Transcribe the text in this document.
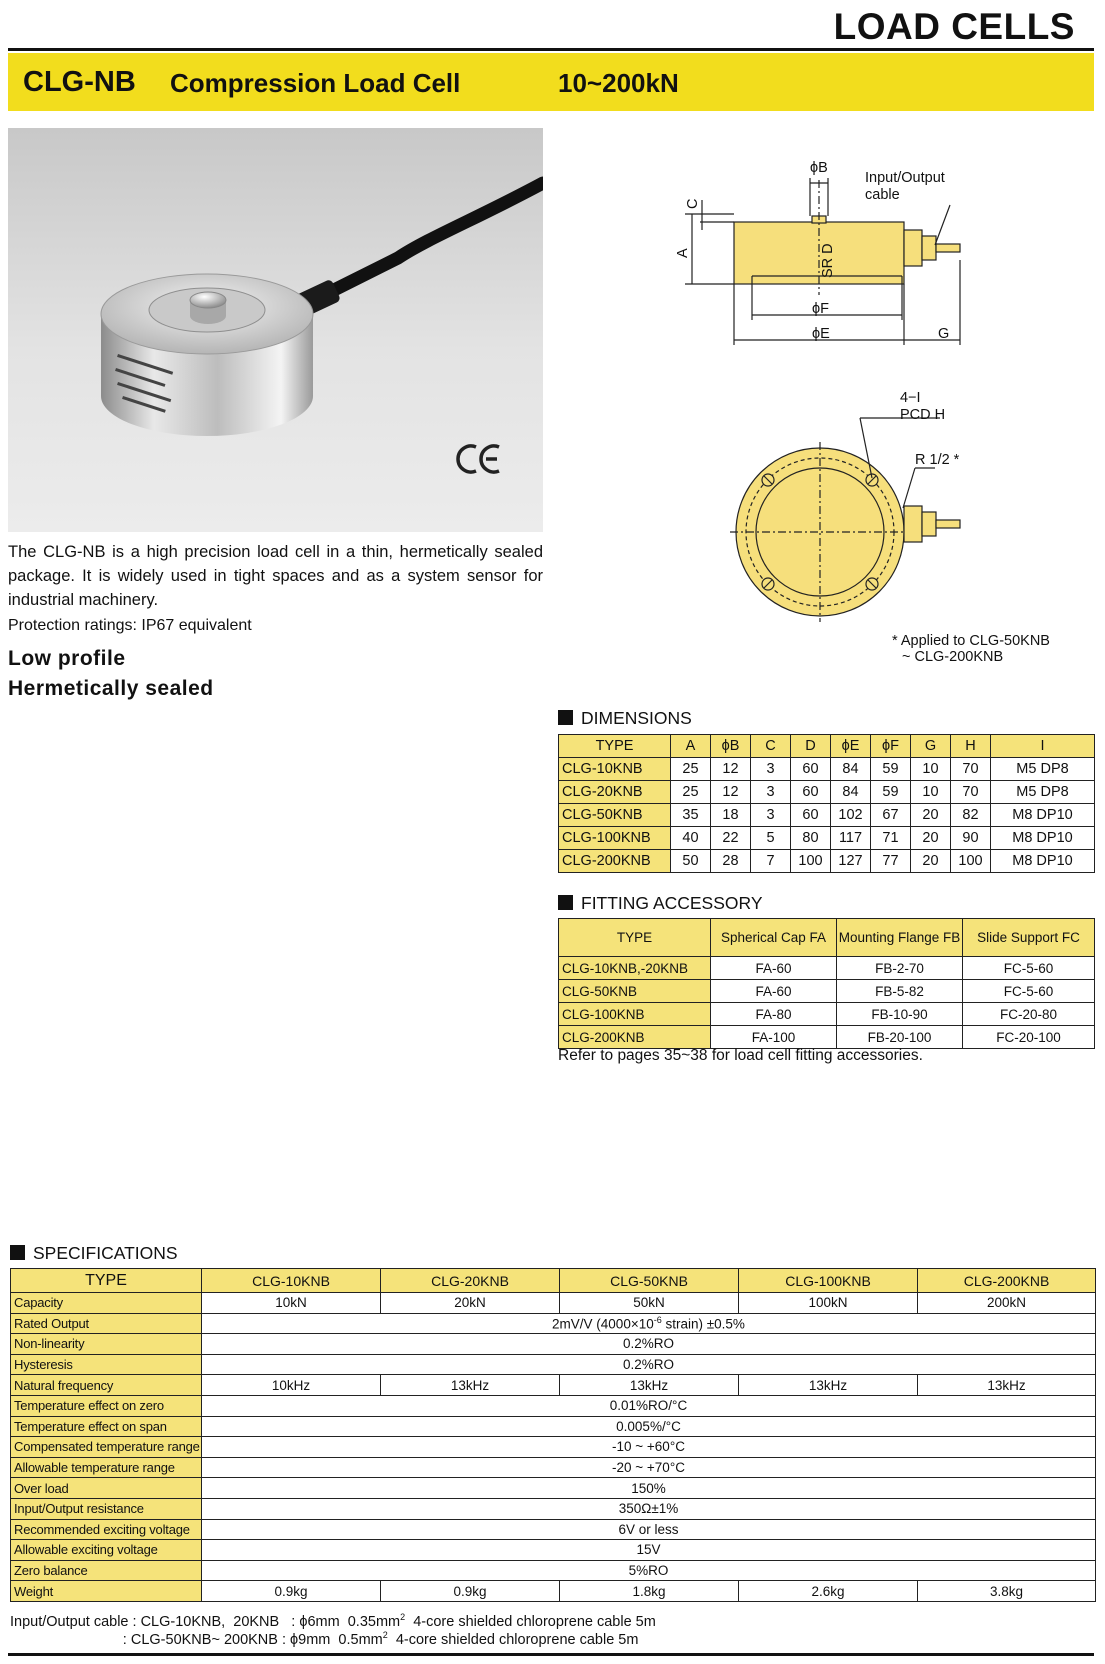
LOAD CELLS
CLG-NB Compression Load Cell	10~200kN
The CLG-NB is a high precision load cell in a thin, hermetically sealed package. It is widely used in tight spaces and as a system sensor for industrial machinery.
Protection ratings: IP67 equivalent
Low profile
Hermetically sealed
ϕB
Input/Output
cable
C
A	SR D
ϕF
ϕE	G
4−I
PCD H
R 1/2 *
* Applied to CLG-50KNB
~ CLG-200KNB
DIMENSIONS
TYPE	A	ϕB	C	D	ϕE	ϕF	G	H	I
CLG-10KNB	25	12	3	60	84	59	10	70	M5 DP8
CLG-20KNB	25	12	3	60	84	59	10	70	M5 DP8
CLG-50KNB	35	18	3	60	102	67	20	82	M8 DP10
CLG-100KNB	40	22	5	80	117	71	20	90	M8 DP10
CLG-200KNB	50	28	7	100	127	77	20	100	M8 DP10
FITTING ACCESSORY
TYPE	Spherical Cap FA	Mounting Flange FB	Slide Support FC
CLG-10KNB,-20KNB	FA-60	FB-2-70	FC-5-60
CLG-50KNB	FA-60	FB-5-82	FC-5-60
CLG-100KNB	FA-80	FB-10-90	FC-20-80
CLG-200KNB	FA-100	FB-20-100	FC-20-100
Refer to pages 35~38 for load cell fitting accessories.
SPECIFICATIONS
TYPE	CLG-10KNB	CLG-20KNB	CLG-50KNB	CLG-100KNB	CLG-200KNB
Capacity	10kN	20kN	50kN	100kN	200kN
Rated Output	2mV/V ($4000\times 10^{-6}$ strain) ±0.5%				
Non-linearity	0.2%RO				
Hysteresis	0.2%RO				
Natural frequency	10kHz	13kHz	13kHz	13kHz	13kHz
Temperature effect on zero	0.01%RO/°C				
Temperature effect on span	0.005%/°C				
Compensated temperature range	-10 ~ +60°C				
Allowable temperature range	-20 ~ +70°C				
Over load	150%				
Input/Output resistance	350Ω±1%				
Recommended exciting voltage	6V or less				
Allowable exciting voltage	15V				
Zero balance	5%RO				
Weight	0.9kg	0.9kg	1.8kg	2.6kg	3.8kg
Input/Output cable : CLG-10KNB,  20KNB   : ϕ6mm  $0.35mm^2$  4-core shielded chloroprene cable 5m
: CLG-50KNB~ 200KNB : ϕ9mm  $0.5mm^2$  4-core shielded chloroprene cable 5m
